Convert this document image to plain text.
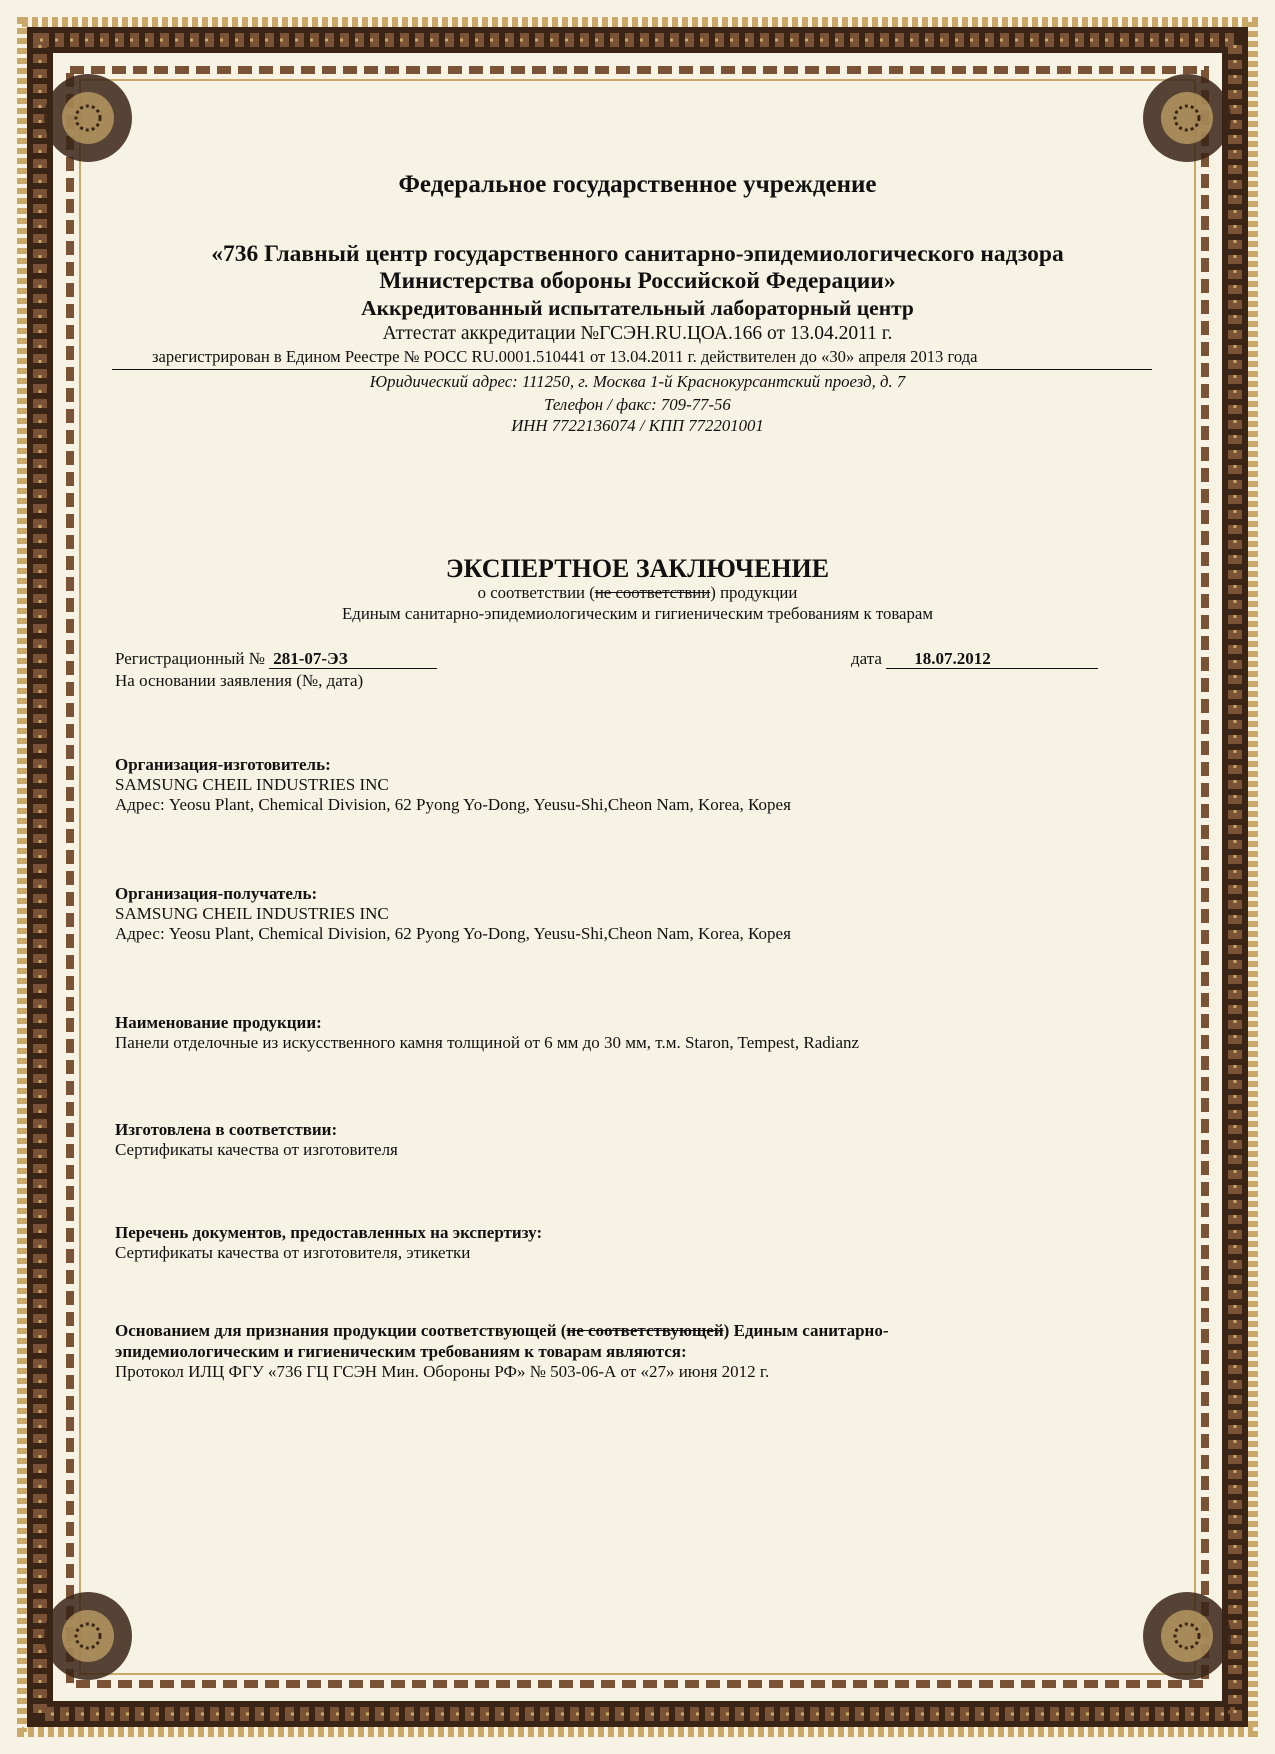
Федеральное государственное учреждение
«736 Главный центр государственного санитарно-эпидемиологического надзора
Министерства обороны Российской Федерации»
Аккредитованный испытательный лабораторный центр
Аттестат аккредитации №ГСЭН.RU.ЦОА.166 от 13.04.2011 г.
зарегистрирован в Едином Реестре № РОСС RU.0001.510441 от 13.04.2011 г. действителен до «30» апреля 2013 года
Юридический адрес: 111250, г. Москва 1-й Краснокурсантский проезд, д. 7
Телефон / факс: 709-77-56
ИНН 7722136074 / КПП 772201001
ЭКСПЕРТНОЕ ЗАКЛЮЧЕНИЕ
о соответствии (не соответствии) продукции
Единым санитарно-эпидемиологическим и гигиеническим требованиям к товарам
Регистрационный № 281-07-ЭЗ	дата 18.07.2012
На основании заявления (№, дата)
Организация-изготовитель:
SAMSUNG CHEIL INDUSTRIES INC
Адрес: Yeosu Plant, Chemical Division, 62 Pyong Yo-Dong, Yeusu-Shi,Cheon Nam, Korea, Корея
Организация-получатель:
SAMSUNG CHEIL INDUSTRIES INC
Адрес: Yeosu Plant, Chemical Division, 62 Pyong Yo-Dong, Yeusu-Shi,Cheon Nam, Korea, Корея
Наименование продукции:
Панели отделочные из искусственного камня толщиной от 6 мм до 30 мм, т.м. Staron, Tempest, Radianz
Изготовлена в соответствии:
Сертификаты качества от изготовителя
Перечень документов, предоставленных на экспертизу:
Сертификаты качества от изготовителя, этикетки
Основанием для признания продукции соответствующей (не соответствующей) Единым санитарно-
эпидемиологическим и гигиеническим требованиям к товарам являются:
Протокол ИЛЦ ФГУ «736 ГЦ ГСЭН Мин. Обороны РФ» № 503-06-А от «27» июня 2012 г.
